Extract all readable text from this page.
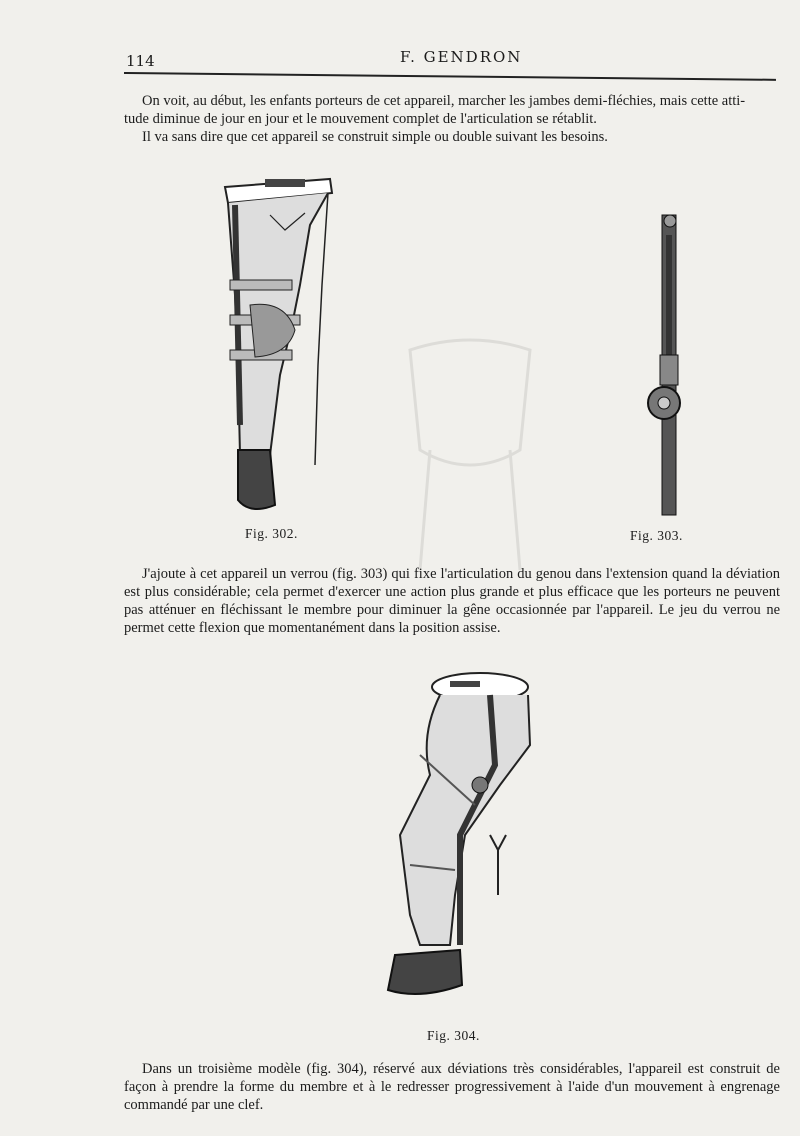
114	F. GENDRON
On voit, au début, les enfants porteurs de cet appareil, marcher les jambes demi-fléchies, mais cette atti-
tude diminue de jour en jour et le mouvement complet de l'articulation se rétablit.
Il va sans dire que cet appareil se construit simple ou double suivant les besoins.
Fig. 302.	Fig. 303.

J'ajoute à cet appareil un verrou (fig. 303) qui fixe l'articulation du genou dans l'extension quand la déviation est plus considérable; cela permet d'exercer une action plus grande et plus efficace que les porteurs ne peuvent pas atténuer en fléchissant le membre pour diminuer la gêne occasionnée par l'appareil. Le jeu du verrou ne permet cette flexion que momentanément dans la position assise.

Fig. 304.

Dans un troisième modèle (fig. 304), réservé aux déviations très considérables, l'appareil est construit de façon à prendre la forme du membre et à le redresser progressivement à l'aide d'un mouvement à engrenage commandé par une clef.
